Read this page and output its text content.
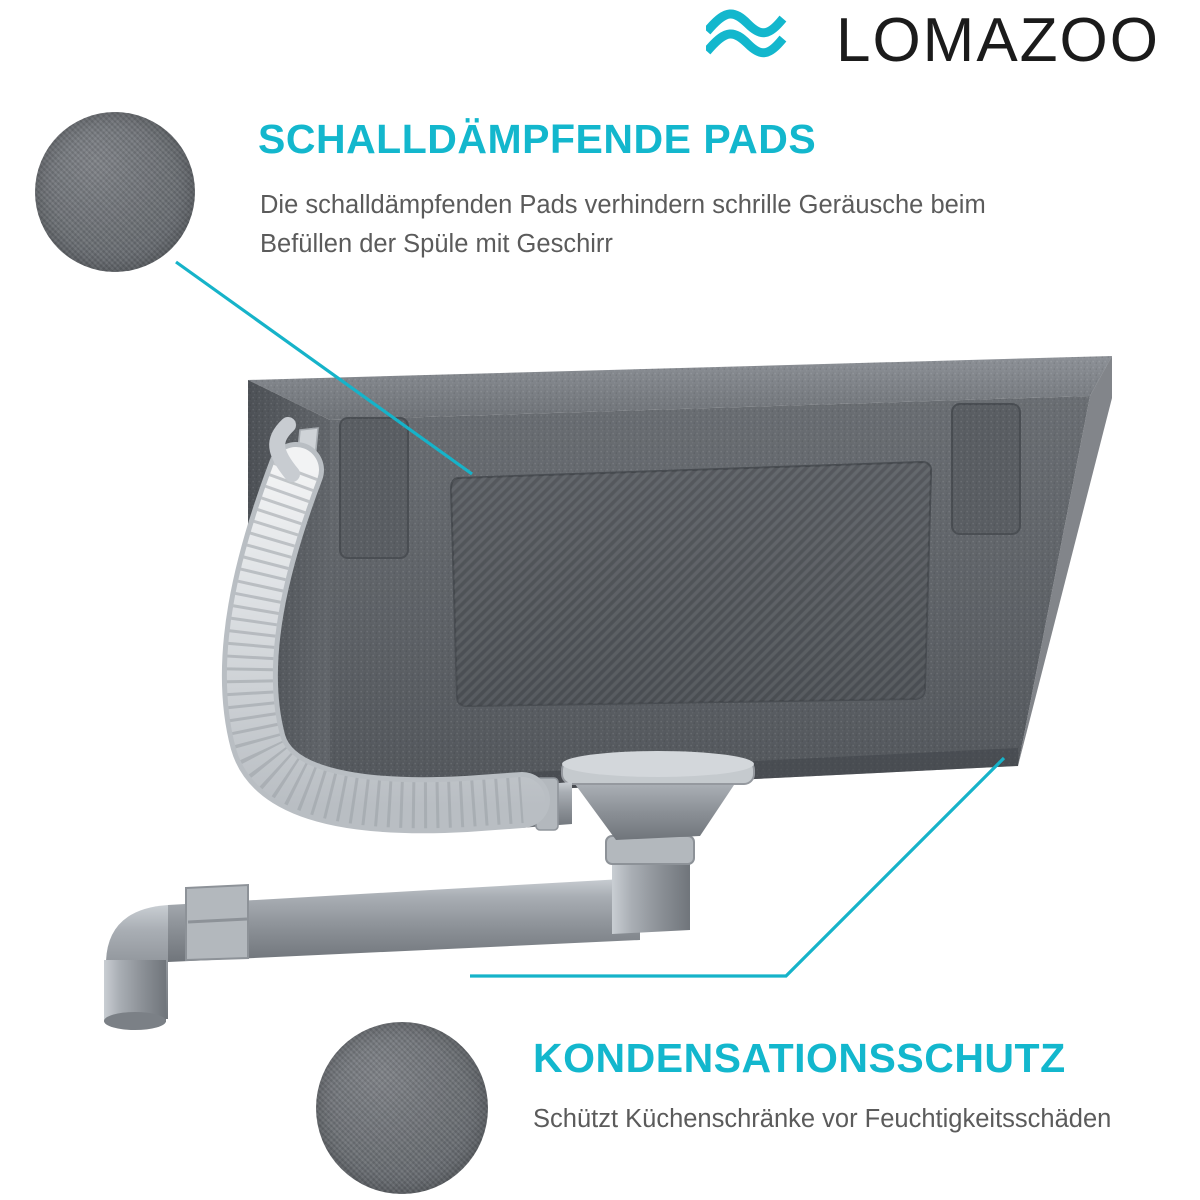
LOMAZOO
SCHALLDÄMPFENDE PADS
Die schalldämpfenden Pads verhindern schrille Geräusche beim Befüllen der Spüle mit Geschirr
KONDENSATIONSSCHUTZ
Schützt Küchenschränke vor Feuchtigkeitsschäden
